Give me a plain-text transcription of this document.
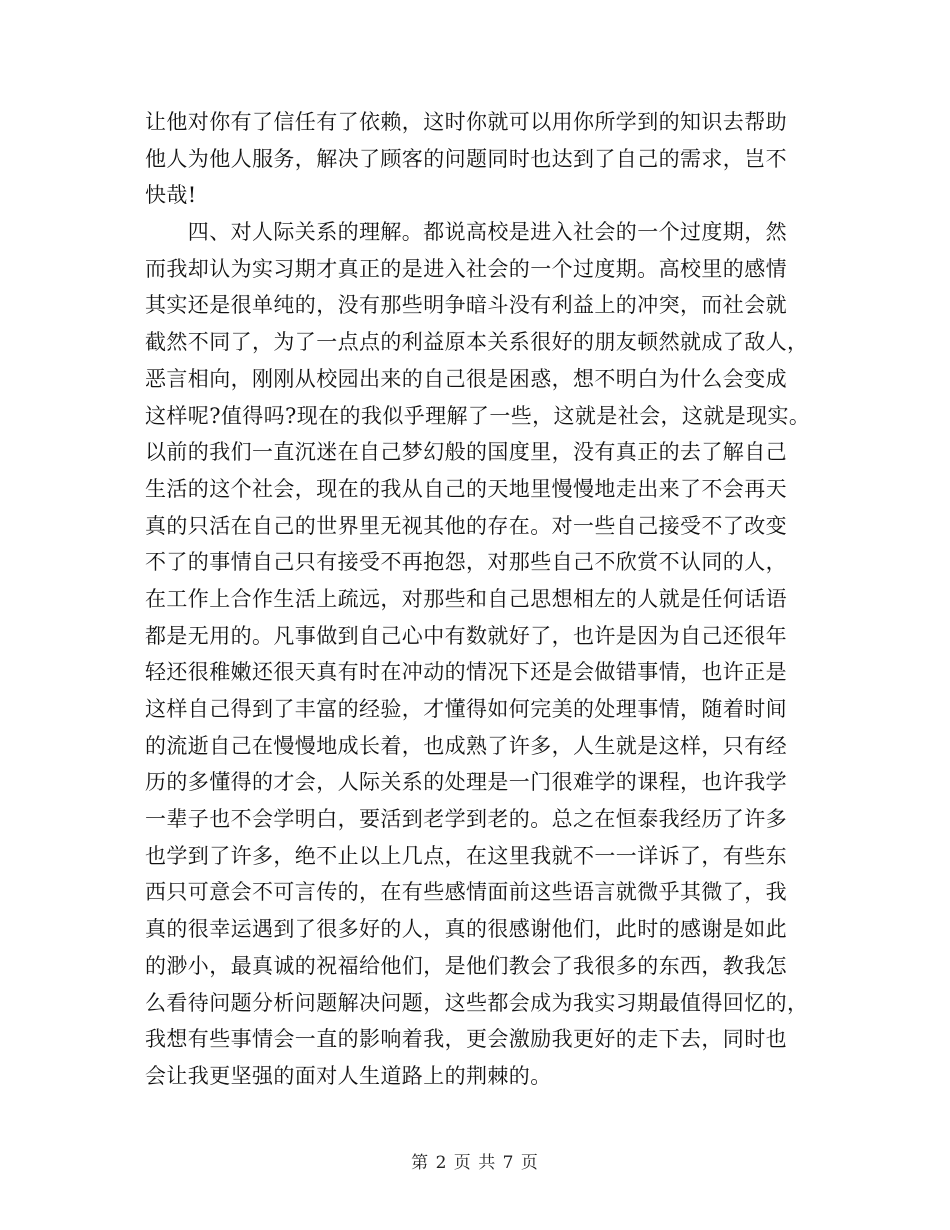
让他对你有了信任有了依赖，这时你就可以用你所学到的知识去帮助
他人为他人服务，解决了顾客的问题同时也达到了自己的需求，岂不
快哉!
　　四、对人际关系的理解。都说高校是进入社会的一个过度期，然
而我却认为实习期才真正的是进入社会的一个过度期。高校里的感情
其实还是很单纯的，没有那些明争暗斗没有利益上的冲突，而社会就
截然不同了，为了一点点的利益原本关系很好的朋友顿然就成了敌人，
恶言相向，刚刚从校园出来的自己很是困惑，想不明白为什么会变成
这样呢?值得吗?现在的我似乎理解了一些，这就是社会，这就是现实。
以前的我们一直沉迷在自己梦幻般的国度里，没有真正的去了解自己
生活的这个社会，现在的我从自己的天地里慢慢地走出来了不会再天
真的只活在自己的世界里无视其他的存在。对一些自己接受不了改变
不了的事情自己只有接受不再抱怨，对那些自己不欣赏不认同的人，
在工作上合作生活上疏远，对那些和自己思想相左的人就是任何话语
都是无用的。凡事做到自己心中有数就好了，也许是因为自己还很年
轻还很稚嫩还很天真有时在冲动的情况下还是会做错事情，也许正是
这样自己得到了丰富的经验，才懂得如何完美的处理事情，随着时间
的流逝自己在慢慢地成长着，也成熟了许多，人生就是这样，只有经
历的多懂得的才会，人际关系的处理是一门很难学的课程，也许我学
一辈子也不会学明白，要活到老学到老的。总之在恒泰我经历了许多
也学到了许多，绝不止以上几点，在这里我就不一一详诉了，有些东
西只可意会不可言传的，在有些感情面前这些语言就微乎其微了，我
真的很幸运遇到了很多好的人，真的很感谢他们，此时的感谢是如此
的渺小，最真诚的祝福给他们，是他们教会了我很多的东西，教我怎
么看待问题分析问题解决问题，这些都会成为我实习期最值得回忆的，
我想有些事情会一直的影响着我，更会激励我更好的走下去，同时也
会让我更坚强的面对人生道路上的荆棘的。
第 2 页 共 7 页
